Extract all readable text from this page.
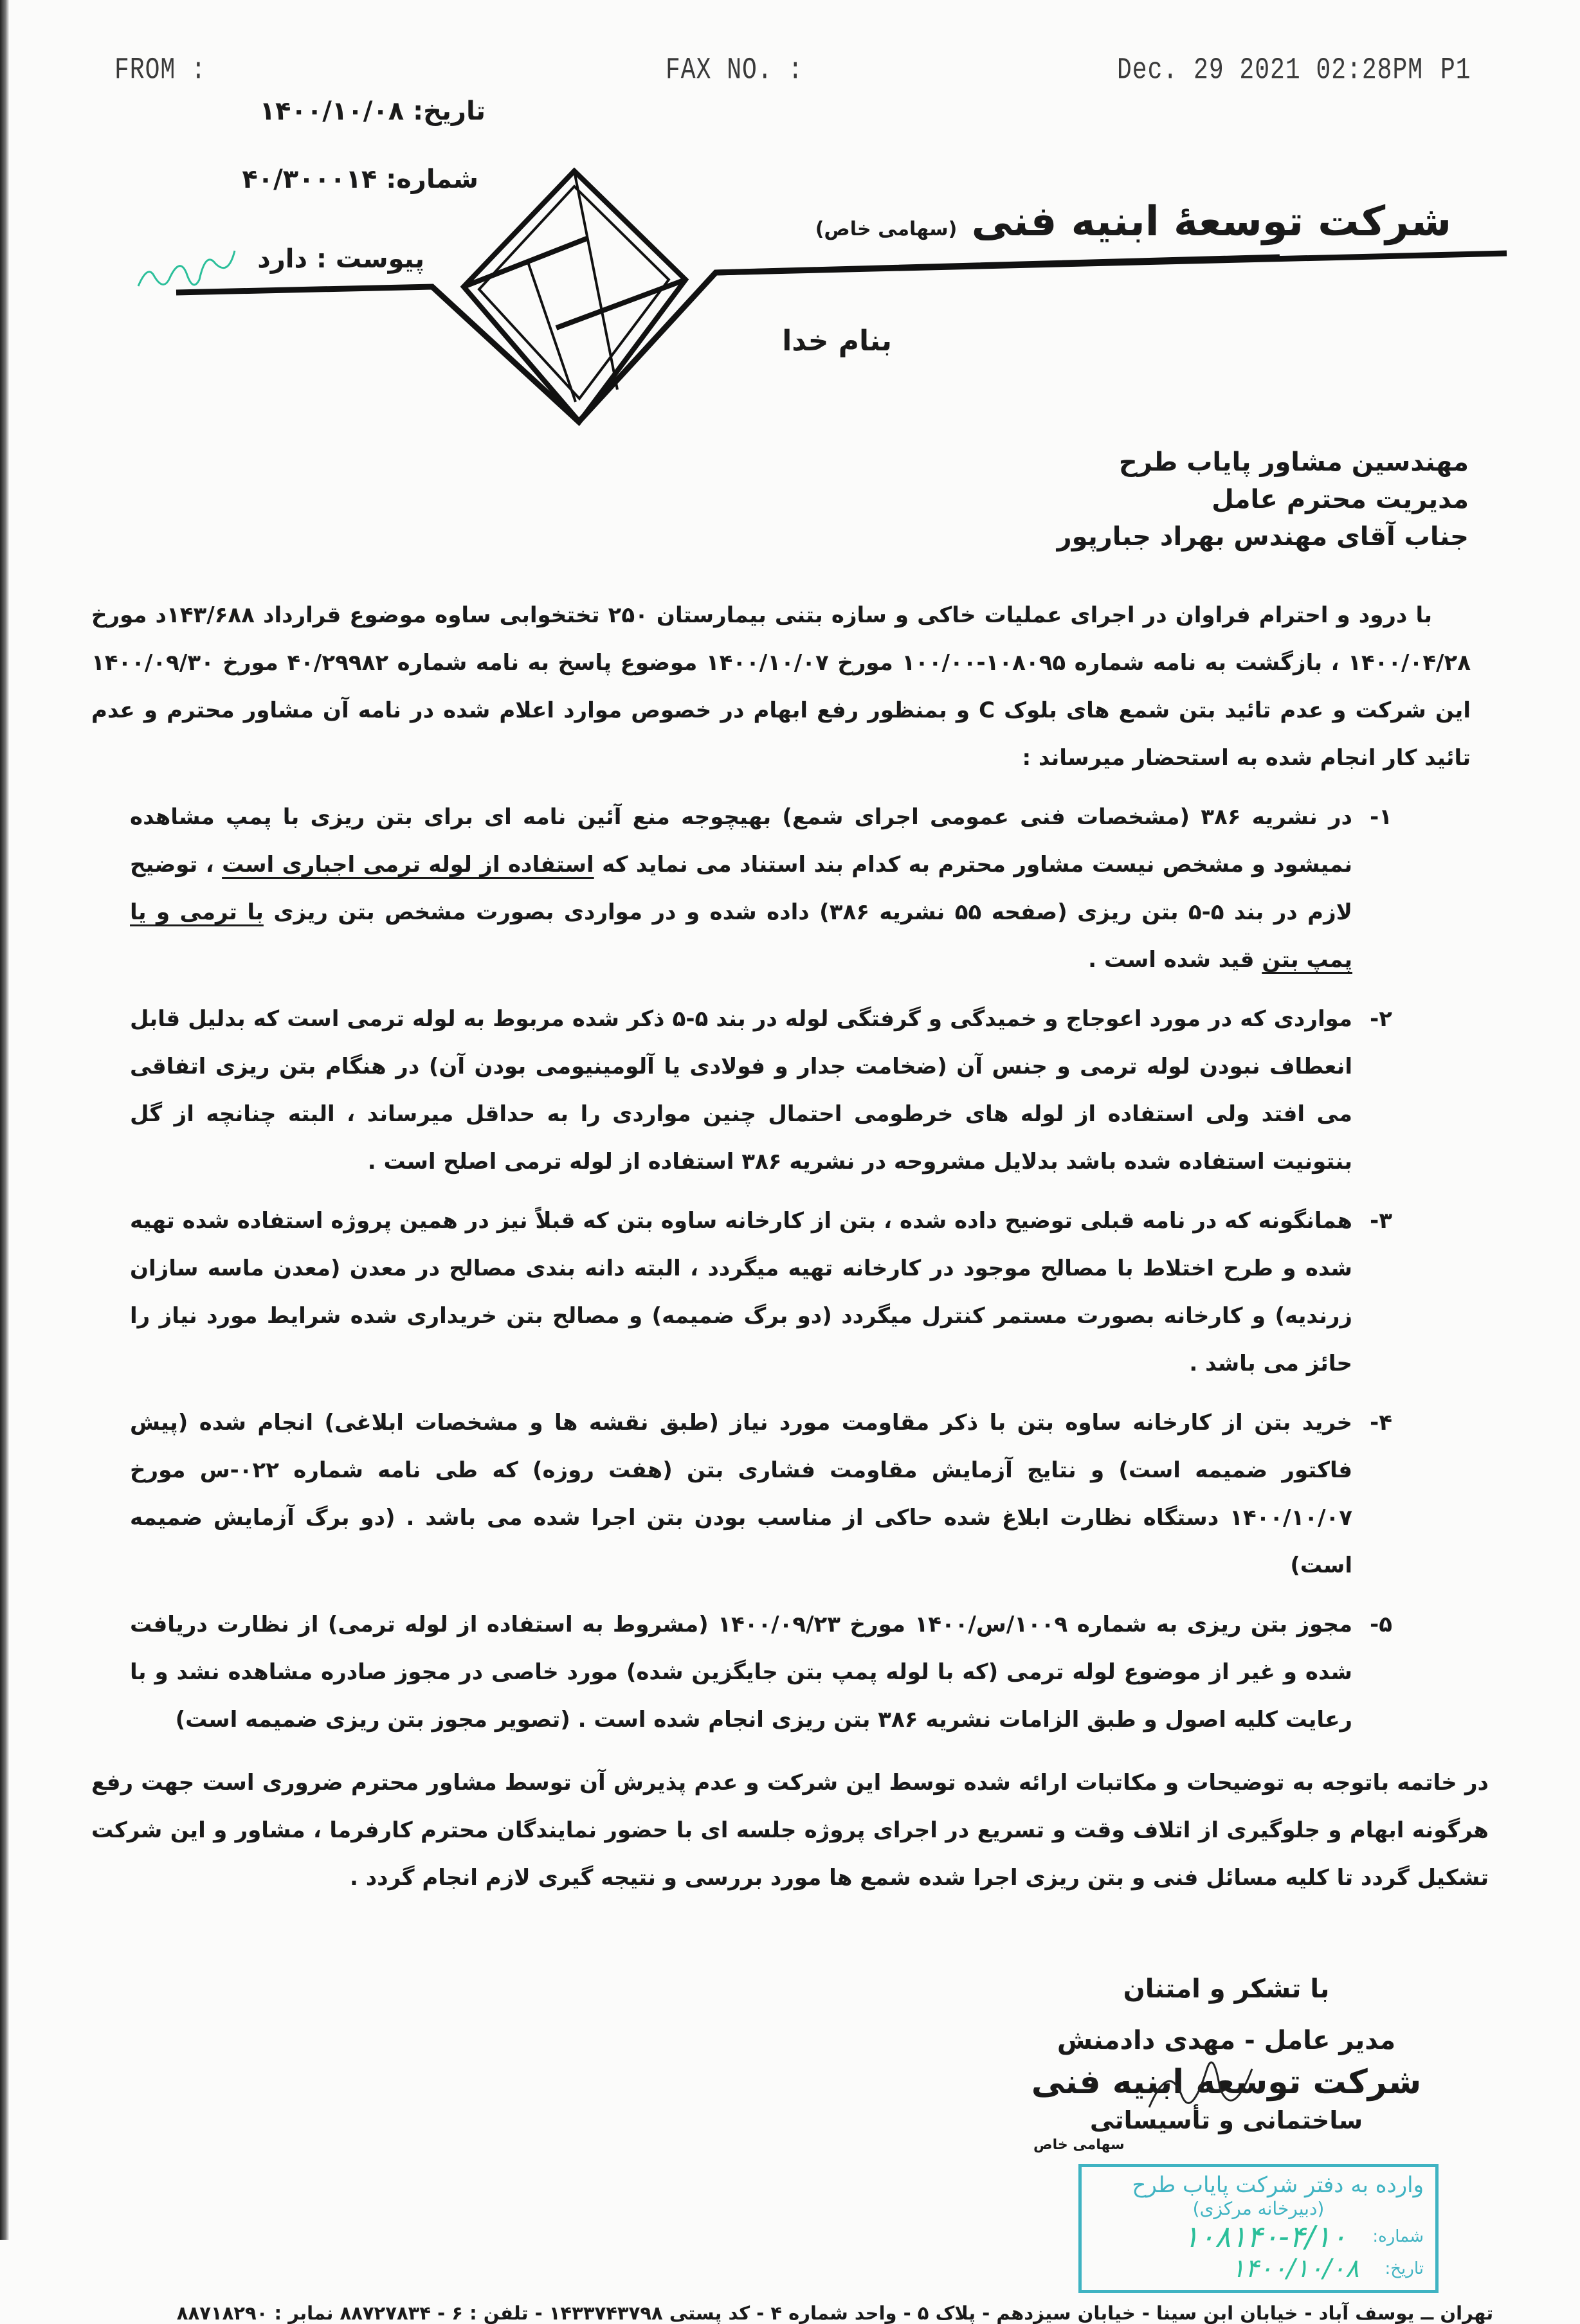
FROM :	FAX NO. :	Dec. 29 2021 02:28PM P1
تاریخ: ۱۴۰۰/۱۰/۰۸
شماره: ۴۰/۳۰۰۰۱۴
پیوست : دارد
شرکت توسعهٔ ابنیه فنی (سهامی خاص)
بنام خدا
مهندسین مشاور پایاب طرح
مدیریت محترم عامل
جناب آقای مهندس بهراد جبارپور
با درود و احترام فراوان در اجرای عملیات خاکی و سازه بتنی بیمارستان ۲۵۰ تختخوابی ساوه موضوع قرارداد ۱۴۳/۶۸۸د مورخ ۱۴۰۰/۰۴/۲۸ ، بازگشت به نامه شماره ۱۰۸۰۹۵-۱۰۰/۰۰ مورخ ۱۴۰۰/۱۰/۰۷ موضوع پاسخ به نامه شماره ۴۰/۲۹۹۸۲ مورخ ۱۴۰۰/۰۹/۳۰ این شرکت و عدم تائید بتن شمع های بلوک C و بمنظور رفع ابهام در خصوص موارد اعلام شده در نامه آن مشاور محترم و عدم تائید کار انجام شده به استحضار میرساند :
۱-
در نشریه ۳۸۶ (مشخصات فنی عمومی اجرای شمع) بهیچوجه منع آئین نامه ای برای بتن ریزی با پمپ مشاهده نمیشود و مشخص نیست مشاور محترم به کدام بند استناد می نماید که استفاده از لوله ترمی اجباری است ، توضیح لازم در بند ۵-۵ بتن ریزی (صفحه ۵۵ نشریه ۳۸۶) داده شده و در مواردی بصورت مشخص بتن ریزی با ترمی و یا پمپ بتن قید شده است .
۲-
مواردی که در مورد اعوجاج و خمیدگی و گرفتگی لوله در بند ۵-۵ ذکر شده مربوط به لوله ترمی است که بدلیل قابل انعطاف نبودن لوله ترمی و جنس آن (ضخامت جدار و فولادی یا آلومینیومی بودن آن) در هنگام بتن ریزی اتفاقی می افتد ولی استفاده از لوله های خرطومی احتمال چنین مواردی را به حداقل میرساند ، البته چنانچه از گل بنتونیت استفاده شده باشد بدلایل مشروحه در نشریه ۳۸۶ استفاده از لوله ترمی اصلح است .
۳-
همانگونه که در نامه قبلی توضیح داده شده ، بتن از کارخانه ساوه بتن که قبلاً نیز در همین پروژه استفاده شده تهیه شده و طرح اختلاط با مصالح موجود در کارخانه تهیه میگردد ، البته دانه بندی مصالح در معدن (معدن ماسه سازان زرندیه) و کارخانه بصورت مستمر کنترل میگردد (دو برگ ضمیمه) و مصالح بتن خریداری شده شرایط مورد نیاز را حائز می باشد .
۴-
خرید بتن از کارخانه ساوه بتن با ذکر مقاومت مورد نیاز (طبق نقشه ها و مشخصات ابلاغی) انجام شده (پیش فاکتور ضمیمه است) و نتایج آزمایش مقاومت فشاری بتن (هفت روزه) که طی نامه شماره ۰۲۲-س مورخ ۱۴۰۰/۱۰/۰۷ دستگاه نظارت ابلاغ شده حاکی از مناسب بودن بتن اجرا شده می باشد . (دو برگ آزمایش ضمیمه است)
۵-
مجوز بتن ریزی به شماره ۱۰۰۹/س/۱۴۰۰ مورخ ۱۴۰۰/۰۹/۲۳ (مشروط به استفاده از لوله ترمی) از نظارت دریافت شده و غیر از موضوع لوله ترمی (که با لوله پمپ بتن جایگزین شده) مورد خاصی در مجوز صادره مشاهده نشد و با رعایت کلیه اصول و طبق الزامات نشریه ۳۸۶ بتن ریزی انجام شده است . (تصویر مجوز بتن ریزی ضمیمه است)
در خاتمه باتوجه به توضیحات و مکاتبات ارائه شده توسط این شرکت و عدم پذیرش آن توسط مشاور محترم ضروری است جهت رفع هرگونه ابهام و جلوگیری از اتلاف وقت و تسریع در اجرای پروژه جلسه ای با حضور نمایندگان محترم کارفرما ، مشاور و این شرکت تشکیل گردد تا کلیه مسائل فنی و بتن ریزی اجرا شده شمع ها مورد بررسی و نتیجه گیری لازم انجام گردد .
با تشکر و امتنان
مدیر عامل - مهدی دادمنش
شرکت توسعه ابنیه فنی
ساختمانی و تأسیساتی
سهامی خاص
وارده به دفتر شرکت پایاب طرح
(دبیرخانه مرکزی)
شماره:
۱۰۸۱۴۰-۴/۱۰
تاریخ:
۱۴۰۰/۱۰/۰۸
تهران ــ یوسف آباد - خیابان ابن سینا - خیابان سیزدهم - پلاک ۵ - واحد شماره ۴ - کد پستی ۱۴۳۳۷۴۳۷۹۸ - تلفن : ۶ - ۸۸۷۲۷۸۳۴ نمابر : ۸۸۷۱۸۲۹۰
